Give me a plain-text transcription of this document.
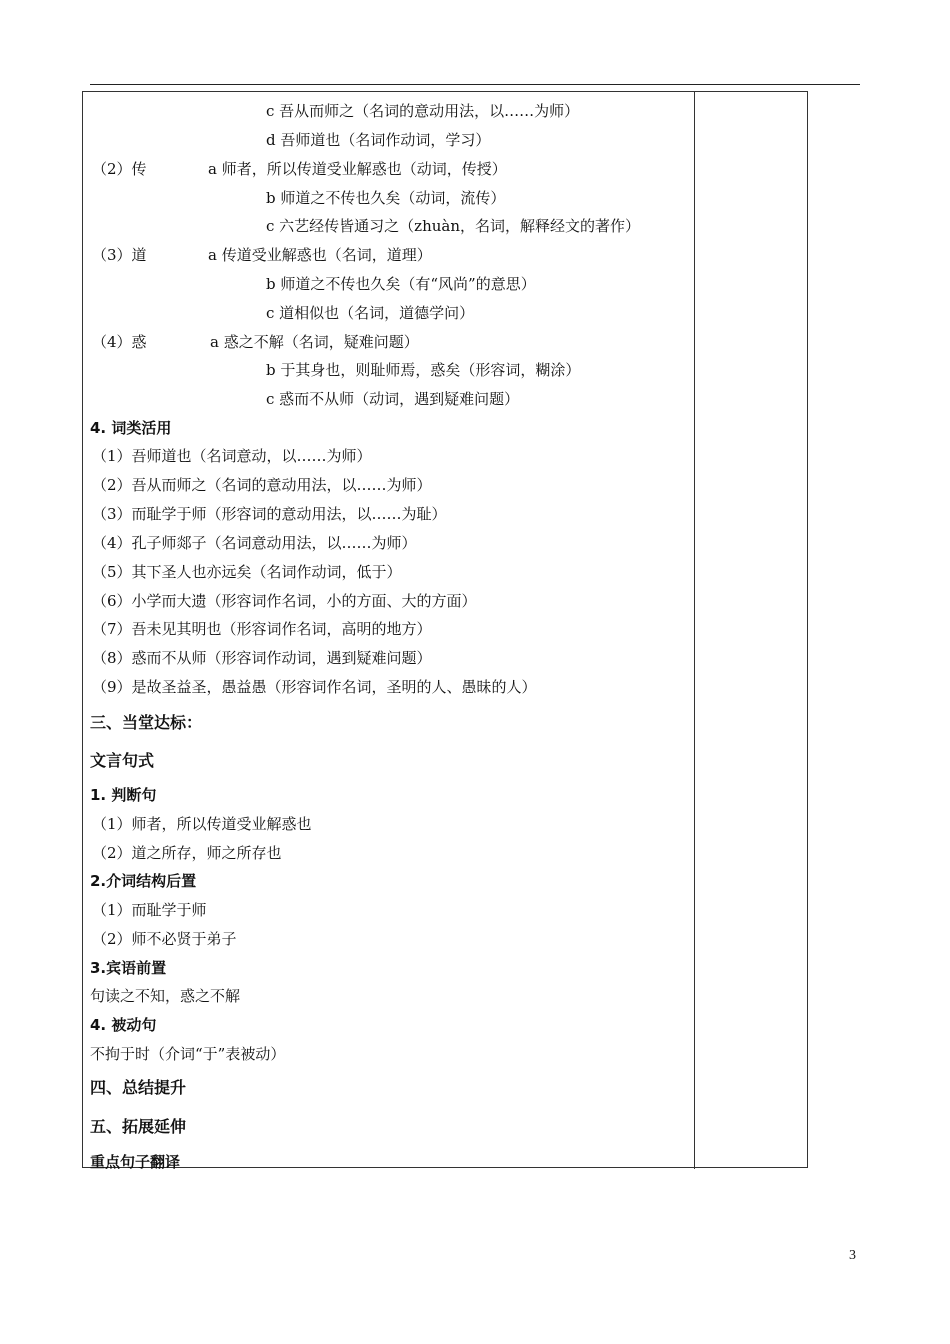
c 吾从而师之（名词的意动用法，以……为师）
d 吾师道也（名词作动词，学习）
（2）传	a 师者，所以传道受业解惑也（动词，传授）
b 师道之不传也久矣（动词，流传）
c 六艺经传皆通习之（zhuàn，名词，解释经文的著作）
（3）道	a 传道受业解惑也（名词，道理）
b 师道之不传也久矣（有“风尚”的意思）
c 道相似也（名词，道德学问）
（4）惑	a 惑之不解（名词，疑难问题）
b 于其身也，则耻师焉，惑矣（形容词，糊涂）
c 惑而不从师（动词，遇到疑难问题）
4. 词类活用
（1）吾师道也（名词意动，以……为师）
（2）吾从而师之（名词的意动用法，以……为师）
（3）而耻学于师（形容词的意动用法，以……为耻）
（4）孔子师郯子（名词意动用法，以……为师）
（5）其下圣人也亦远矣（名词作动词，低于）
（6）小学而大遗（形容词作名词，小的方面、大的方面）
（7）吾未见其明也（形容词作名词，高明的地方）
（8）惑而不从师（形容词作动词，遇到疑难问题）
（9）是故圣益圣，愚益愚（形容词作名词，圣明的人、愚昧的人）
三、当堂达标：
文言句式
1. 判断句
（1）师者，所以传道受业解惑也
（2）道之所存，师之所存也
2.介词结构后置
（1）而耻学于师
（2）师不必贤于弟子
3.宾语前置
句读之不知，惑之不解
4. 被动句
不拘于时（介词“于”表被动）
四、总结提升
五、拓展延伸
重点句子翻译
3
